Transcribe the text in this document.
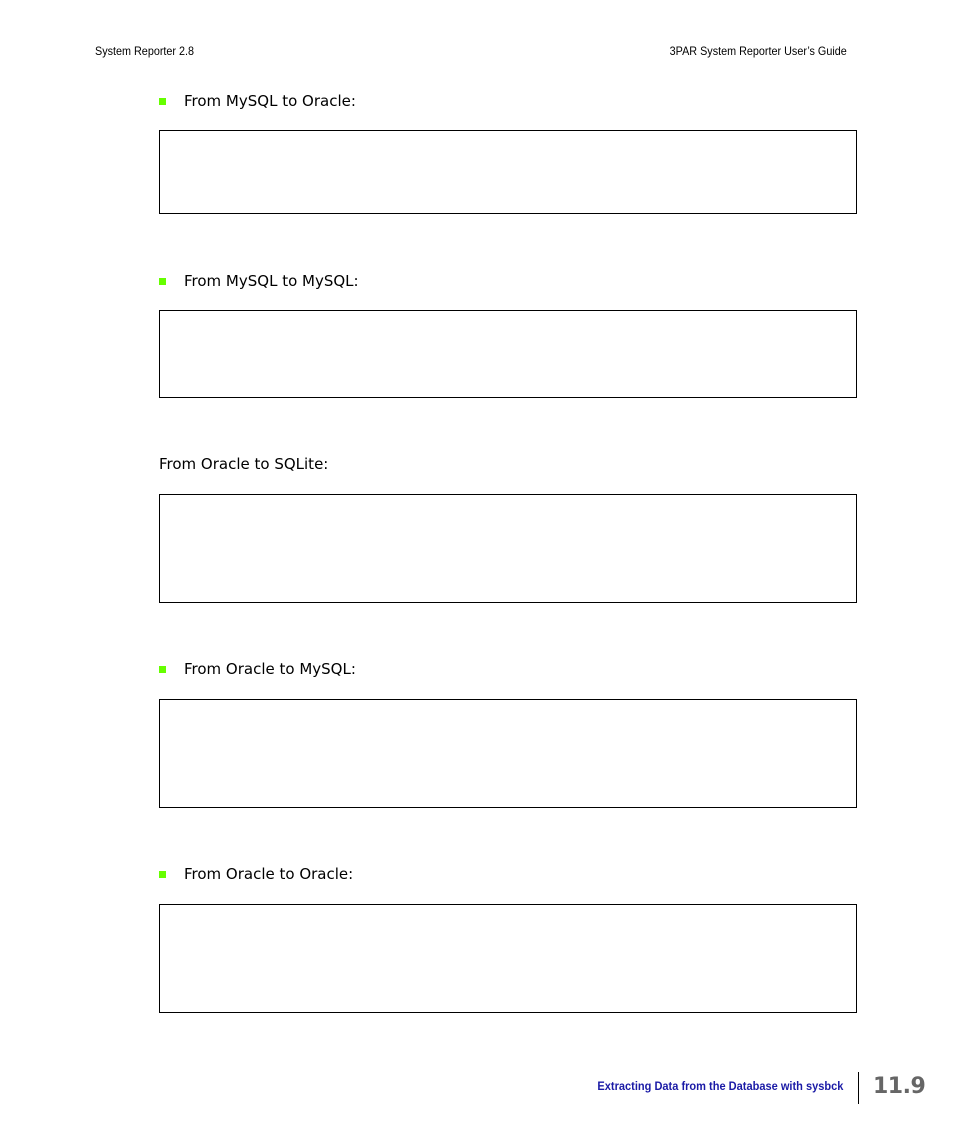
System Reporter 2.8	3PAR System Reporter User’s Guide
From MySQL to Oracle:
From MySQL to MySQL:
From Oracle to SQLite:
From Oracle to MySQL:
From Oracle to Oracle:
Extracting Data from the Database with sysbck 11.9
